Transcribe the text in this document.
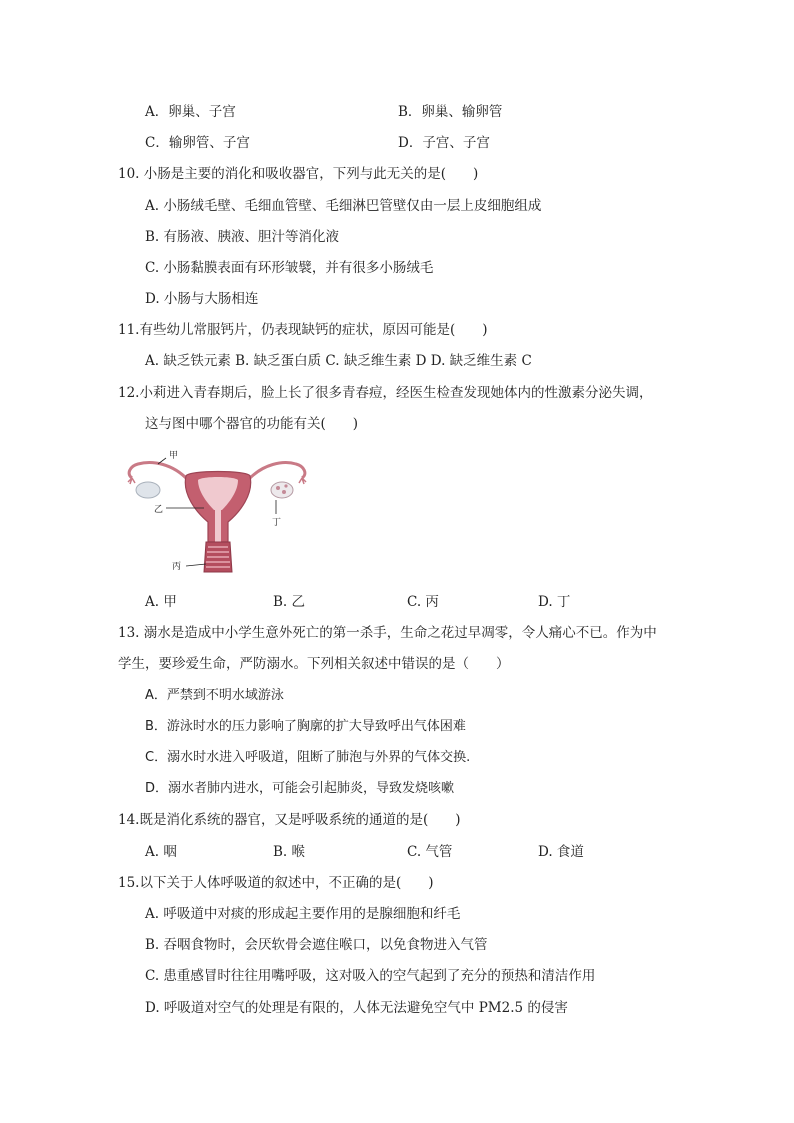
A．卵巢、子宫	B．卵巢、输卵管
C．输卵管、子宫	D．子宫、子宫
10. 小肠是主要的消化和吸收器官，下列与此无关的是(　　)
A. 小肠绒毛壁、毛细血管壁、毛细淋巴管壁仅由一层上皮细胞组成
B. 有肠液、胰液、胆汁等消化液
C. 小肠黏膜表面有环形皱襞，并有很多小肠绒毛
D. 小肠与大肠相连
11.有些幼儿常服钙片，仍表现缺钙的症状，原因可能是(　　)
A. 缺乏铁元素 B. 缺乏蛋白质 C. 缺乏维生素 D D. 缺乏维生素 C
12.小莉进入青春期后，脸上长了很多青春痘，经医生检查发现她体内的性激素分泌失调，
这与图中哪个器官的功能有关(　　)
甲
乙
丙
丁
A. 甲	B. 乙	C. 丙	D. 丁
13. 溺水是造成中小学生意外死亡的第一杀手，生命之花过早凋零，令人痛心不已。作为中
学生，要珍爱生命，严防溺水。下列相关叙述中错误的是（　　）
A．严禁到不明水域游泳
B．游泳时水的压力影响了胸廓的扩大导致呼出气体困难
C．溺水时水进入呼吸道，阻断了肺泡与外界的气体交换.
D．溺水者肺内进水，可能会引起肺炎，导致发烧咳嗽
14.既是消化系统的器官，又是呼吸系统的通道的是(　　)
A. 咽	B. 喉	C. 气管	D. 食道
15.以下关于人体呼吸道的叙述中，不正确的是(　　)
A. 呼吸道中对痰的形成起主要作用的是腺细胞和纤毛
B. 吞咽食物时，会厌软骨会遮住喉口，以免食物进入气管
C. 患重感冒时往往用嘴呼吸，这对吸入的空气起到了充分的预热和清洁作用
D. 呼吸道对空气的处理是有限的，人体无法避免空气中 PM2.5 的侵害
